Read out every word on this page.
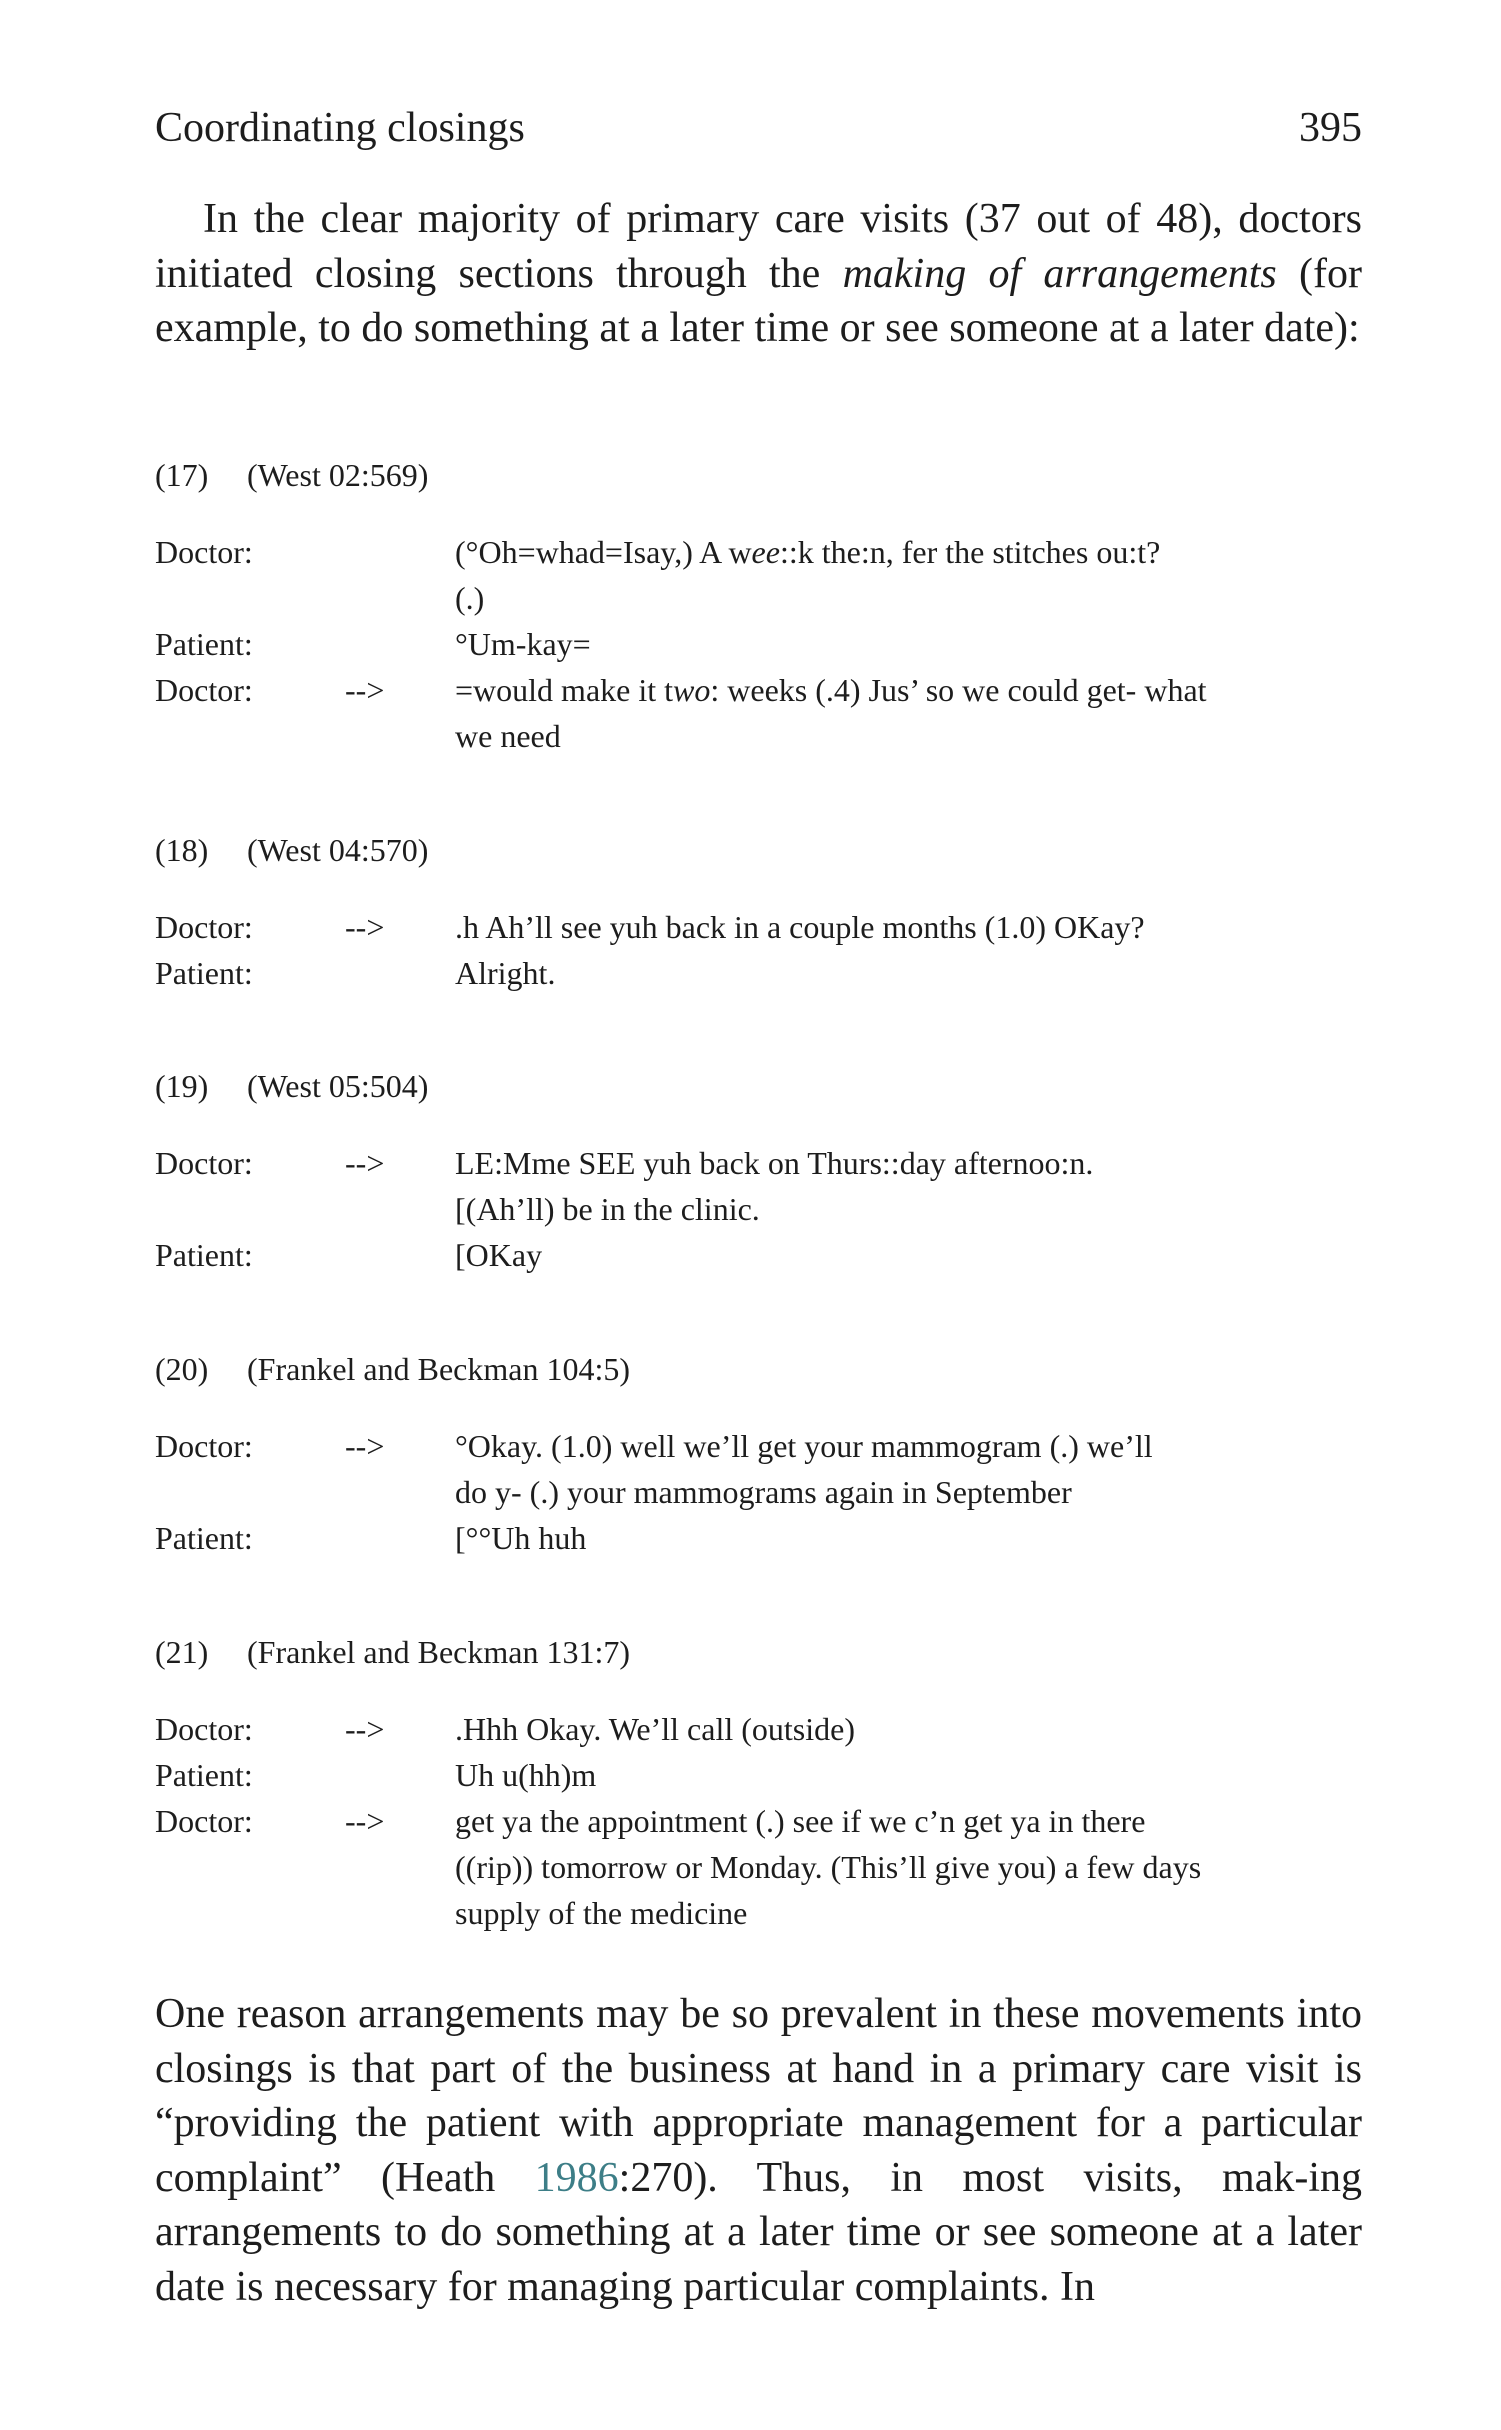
Coordinating closings	395

In the clear majority of primary care visits (37 out of 48), doctors initiated closing sections through the making of arrangements (for example, to do something at a later time or see someone at a later date):

(17) (West 02:569)
Doctor:	(°Oh=whad=Isay,) A wee::k the:n, fer the stitches ou:t?
(.)
Patient:	°Um-kay=
Doctor:	--> =would make it two: weeks (.4) Jus’ so we could get- what
we need
(18) (West 04:570)
Doctor:	--> .h Ah’ll see yuh back in a couple months (1.0) OKay?
Patient:	Alright.
(19) (West 05:504)
Doctor:	--> LE:Mme SEE yuh back on Thurs::day afternoo:n.
[(Ah’ll) be in the clinic.
Patient:	[OKay
(20) (Frankel and Beckman 104:5)
Doctor:	--> °Okay. (1.0) well we’ll get your mammogram (.) we’ll
do y- (.) your mammograms again in September
Patient:	[°°Uh huh
(21) (Frankel and Beckman 131:7)
Doctor:	--> .Hhh Okay. We’ll call (outside)
Patient:	Uh u(hh)m
Doctor:	--> get ya the appointment (.) see if we c’n get ya in there
((rip)) tomorrow or Monday. (This’ll give you) a few days
supply of the medicine

One reason arrangements may be so prevalent in these movements into closings is that part of the business at hand in a primary care visit is “providing the patient with appropriate management for a particular complaint” (Heath 1986:270). Thus, in most visits, mak-ing arrangements to do something at a later time or see someone at a later date is necessary for managing particular complaints. In
